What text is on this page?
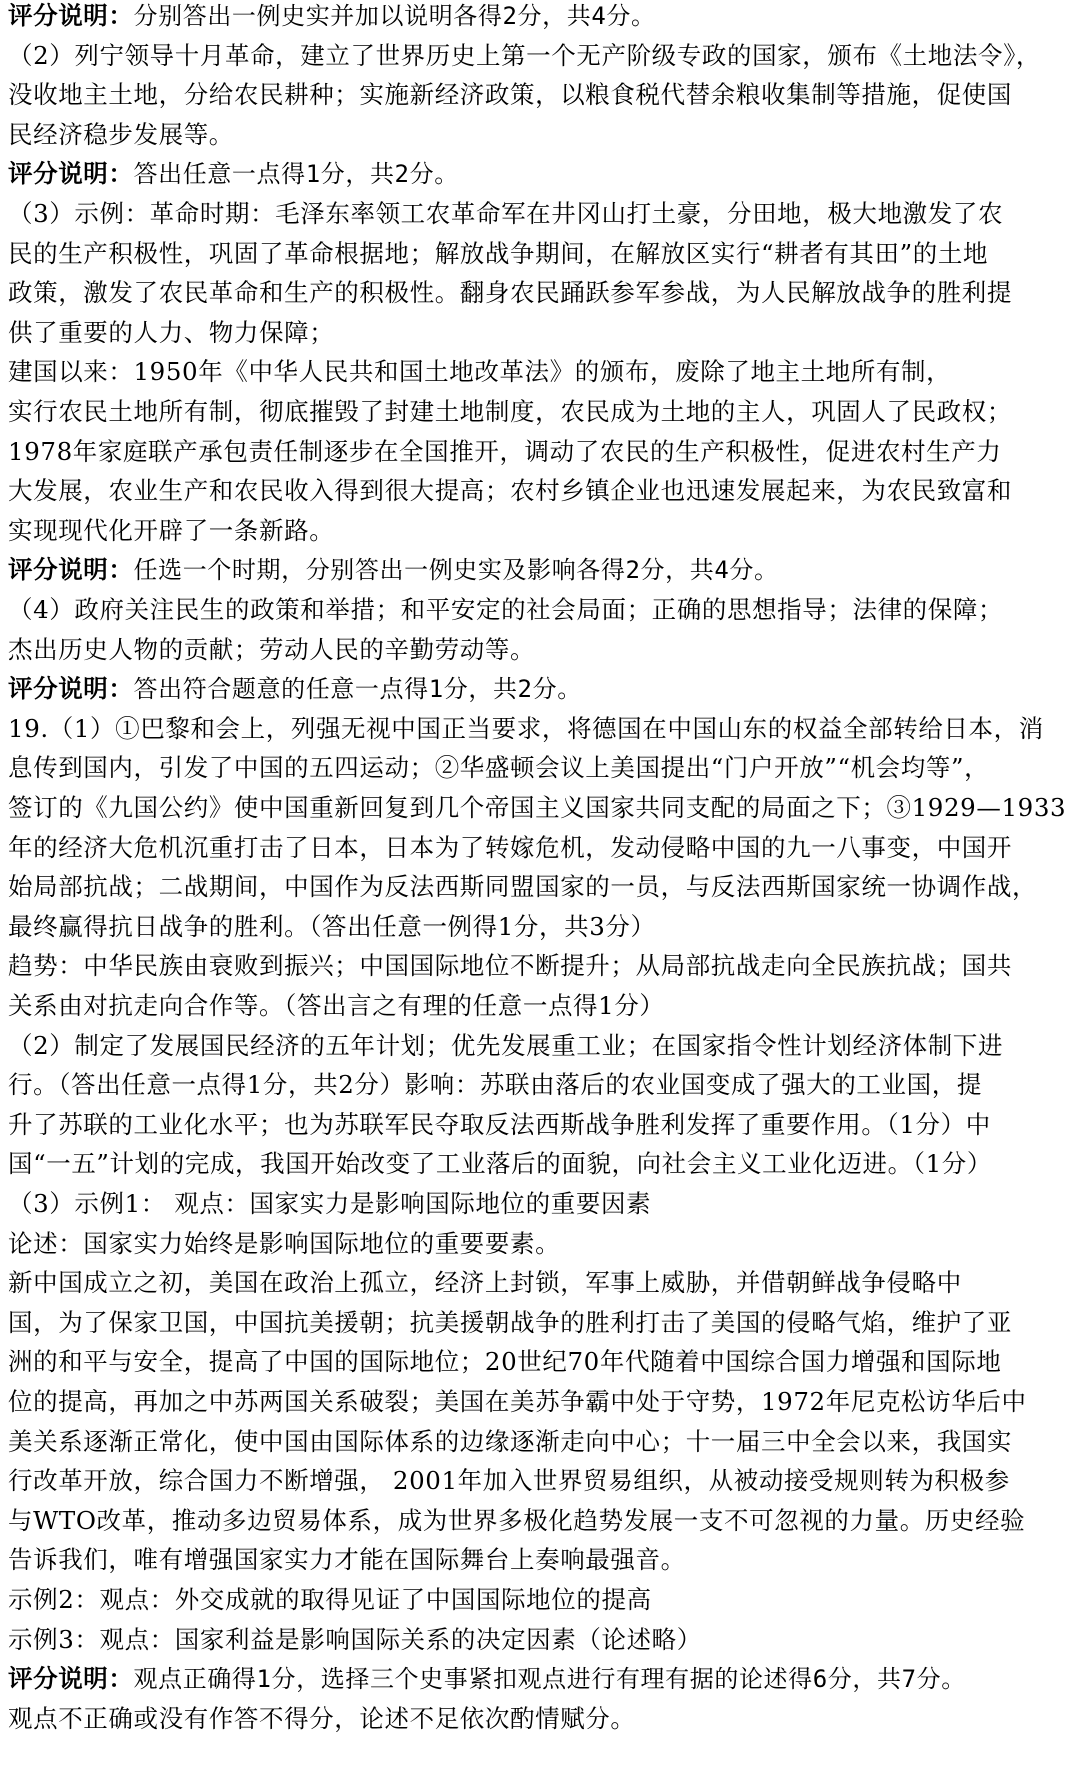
评分说明：分别答出一例史实并加以说明各得2分，共4分。
（2）列宁领导十月革命，建立了世界历史上第一个无产阶级专政的国家，颁布《土地法令》，
没收地主土地，分给农民耕种；实施新经济政策，以粮食税代替余粮收集制等措施，促使国
民经济稳步发展等。
评分说明：答出任意一点得1分，共2分。
（3）示例：革命时期：毛泽东率领工农革命军在井冈山打土豪，分田地，极大地激发了农
民的生产积极性，巩固了革命根据地；解放战争期间，在解放区实行“耕者有其田”的土地
政策，激发了农民革命和生产的积极性。翻身农民踊跃参军参战，为人民解放战争的胜利提
供了重要的人力、物力保障；
建国以来：1950年《中华人民共和国土地改革法》的颁布，废除了地主土地所有制，
实行农民土地所有制，彻底摧毁了封建土地制度，农民成为土地的主人，巩固人了民政权；
1978年家庭联产承包责任制逐步在全国推开，调动了农民的生产积极性，促进农村生产力
大发展，农业生产和农民收入得到很大提高；农村乡镇企业也迅速发展起来，为农民致富和
实现现代化开辟了一条新路。
评分说明：任选一个时期，分别答出一例史实及影响各得2分，共4分。
（4）政府关注民生的政策和举措；和平安定的社会局面；正确的思想指导；法律的保障；
杰出历史人物的贡献；劳动人民的辛勤劳动等。
评分说明：答出符合题意的任意一点得1分，共2分。
19.（1）①巴黎和会上，列强无视中国正当要求，将德国在中国山东的权益全部转给日本，消
息传到国内，引发了中国的五四运动；②华盛顿会议上美国提出“门户开放”“机会均等”，
签订的《九国公约》使中国重新回复到几个帝国主义国家共同支配的局面之下；③1929—1933
年的经济大危机沉重打击了日本，日本为了转嫁危机，发动侵略中国的九一八事变，中国开
始局部抗战；二战期间，中国作为反法西斯同盟国家的一员，与反法西斯国家统一协调作战，
最终赢得抗日战争的胜利。（答出任意一例得1分，共3分）
趋势：中华民族由衰败到振兴；中国国际地位不断提升；从局部抗战走向全民族抗战；国共
关系由对抗走向合作等。（答出言之有理的任意一点得1分）
（2）制定了发展国民经济的五年计划；优先发展重工业；在国家指令性计划经济体制下进
行。（答出任意一点得1分，共2分）影响：苏联由落后的农业国变成了强大的工业国，提
升了苏联的工业化水平；也为苏联军民夺取反法西斯战争胜利发挥了重要作用。（1分）中
国“一五”计划的完成，我国开始改变了工业落后的面貌，向社会主义工业化迈进。（1分）
（3）示例1： 观点：国家实力是影响国际地位的重要因素
论述：国家实力始终是影响国际地位的重要要素。
新中国成立之初，美国在政治上孤立，经济上封锁，军事上威胁，并借朝鲜战争侵略中
国，为了保家卫国，中国抗美援朝；抗美援朝战争的胜利打击了美国的侵略气焰，维护了亚
洲的和平与安全，提高了中国的国际地位；20世纪70年代随着中国综合国力增强和国际地
位的提高，再加之中苏两国关系破裂；美国在美苏争霸中处于守势，1972年尼克松访华后中
美关系逐渐正常化，使中国由国际体系的边缘逐渐走向中心；十一届三中全会以来，我国实
行改革开放，综合国力不断增强， 2001年加入世界贸易组织，从被动接受规则转为积极参
与WTO改革，推动多边贸易体系，成为世界多极化趋势发展一支不可忽视的力量。历史经验
告诉我们，唯有增强国家实力才能在国际舞台上奏响最强音。
示例2：观点：外交成就的取得见证了中国国际地位的提高
示例3：观点：国家利益是影响国际关系的决定因素（论述略）
评分说明：观点正确得1分，选择三个史事紧扣观点进行有理有据的论述得6分，共7分。
观点不正确或没有作答不得分，论述不足依次酌情赋分。
